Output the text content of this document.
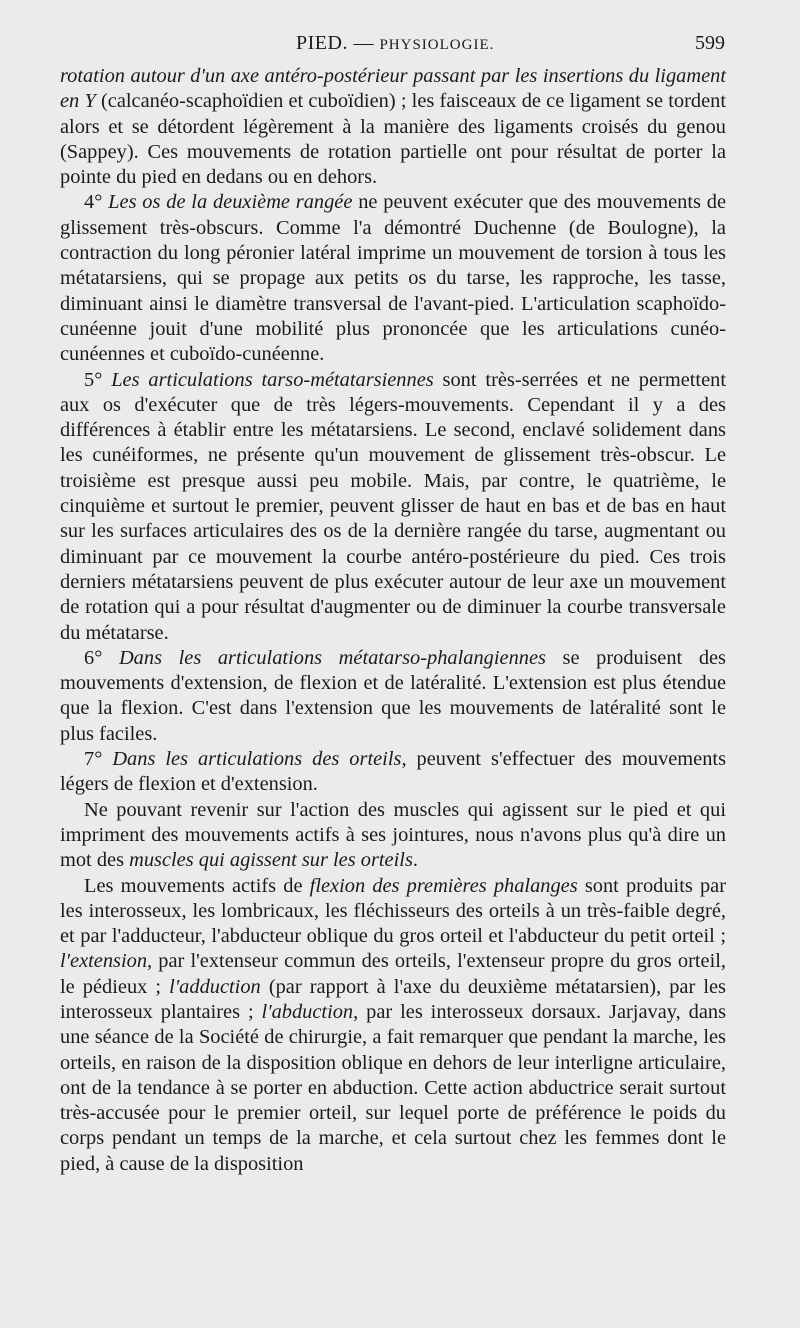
PIED. — PHYSIOLOGIE.	599

rotation autour d'un axe antéro-postérieur passant par les insertions du ligament en Y (calcanéo-scaphoïdien et cuboïdien) ; les faisceaux de ce ligament se tordent alors et se détordent légèrement à la manière des ligaments croisés du genou (Sappey). Ces mouvements de rotation partielle ont pour résultat de porter la pointe du pied en dedans ou en dehors.

4° Les os de la deuxième rangée ne peuvent exécuter que des mouvements de glissement très-obscurs. Comme l'a démontré Duchenne (de Boulogne), la contraction du long péronier latéral imprime un mouvement de torsion à tous les métatarsiens, qui se propage aux petits os du tarse, les rapproche, les tasse, diminuant ainsi le diamètre transversal de l'avant-pied. L'articulation scaphoïdo-cunéenne jouit d'une mobilité plus prononcée que les articulations cunéo-cunéennes et cuboïdo-cunéenne.

5° Les articulations tarso-métatarsiennes sont très-serrées et ne permettent aux os d'exécuter que de très légers-mouvements. Cependant il y a des différences à établir entre les métatarsiens. Le second, enclavé solidement dans les cunéiformes, ne présente qu'un mouvement de glissement très-obscur. Le troisième est presque aussi peu mobile. Mais, par contre, le quatrième, le cinquième et surtout le premier, peuvent glisser de haut en bas et de bas en haut sur les surfaces articulaires des os de la dernière rangée du tarse, augmentant ou diminuant par ce mouvement la courbe antéro-postérieure du pied. Ces trois derniers métatarsiens peuvent de plus exécuter autour de leur axe un mouvement de rotation qui a pour résultat d'augmenter ou de diminuer la courbe transversale du métatarse.

6° Dans les articulations métatarso-phalangiennes se produisent des mouvements d'extension, de flexion et de latéralité. L'extension est plus étendue que la flexion. C'est dans l'extension que les mouvements de latéralité sont le plus faciles.

7° Dans les articulations des orteils, peuvent s'effectuer des mouvements légers de flexion et d'extension.

Ne pouvant revenir sur l'action des muscles qui agissent sur le pied et qui impriment des mouvements actifs à ses jointures, nous n'avons plus qu'à dire un mot des muscles qui agissent sur les orteils.

Les mouvements actifs de flexion des premières phalanges sont produits par les interosseux, les lombricaux, les fléchisseurs des orteils à un très-faible degré, et par l'adducteur, l'abducteur oblique du gros orteil et l'abducteur du petit orteil ; l'extension, par l'extenseur commun des orteils, l'extenseur propre du gros orteil, le pédieux ; l'adduction (par rapport à l'axe du deuxième métatarsien), par les interosseux plantaires ; l'abduction, par les interosseux dorsaux. Jarjavay, dans une séance de la Société de chirurgie, a fait remarquer que pendant la marche, les orteils, en raison de la disposition oblique en dehors de leur interligne articulaire, ont de la tendance à se porter en abduction. Cette action abductrice serait surtout très-accusée pour le premier orteil, sur lequel porte de préférence le poids du corps pendant un temps de la marche, et cela surtout chez les femmes dont le pied, à cause de la disposition
